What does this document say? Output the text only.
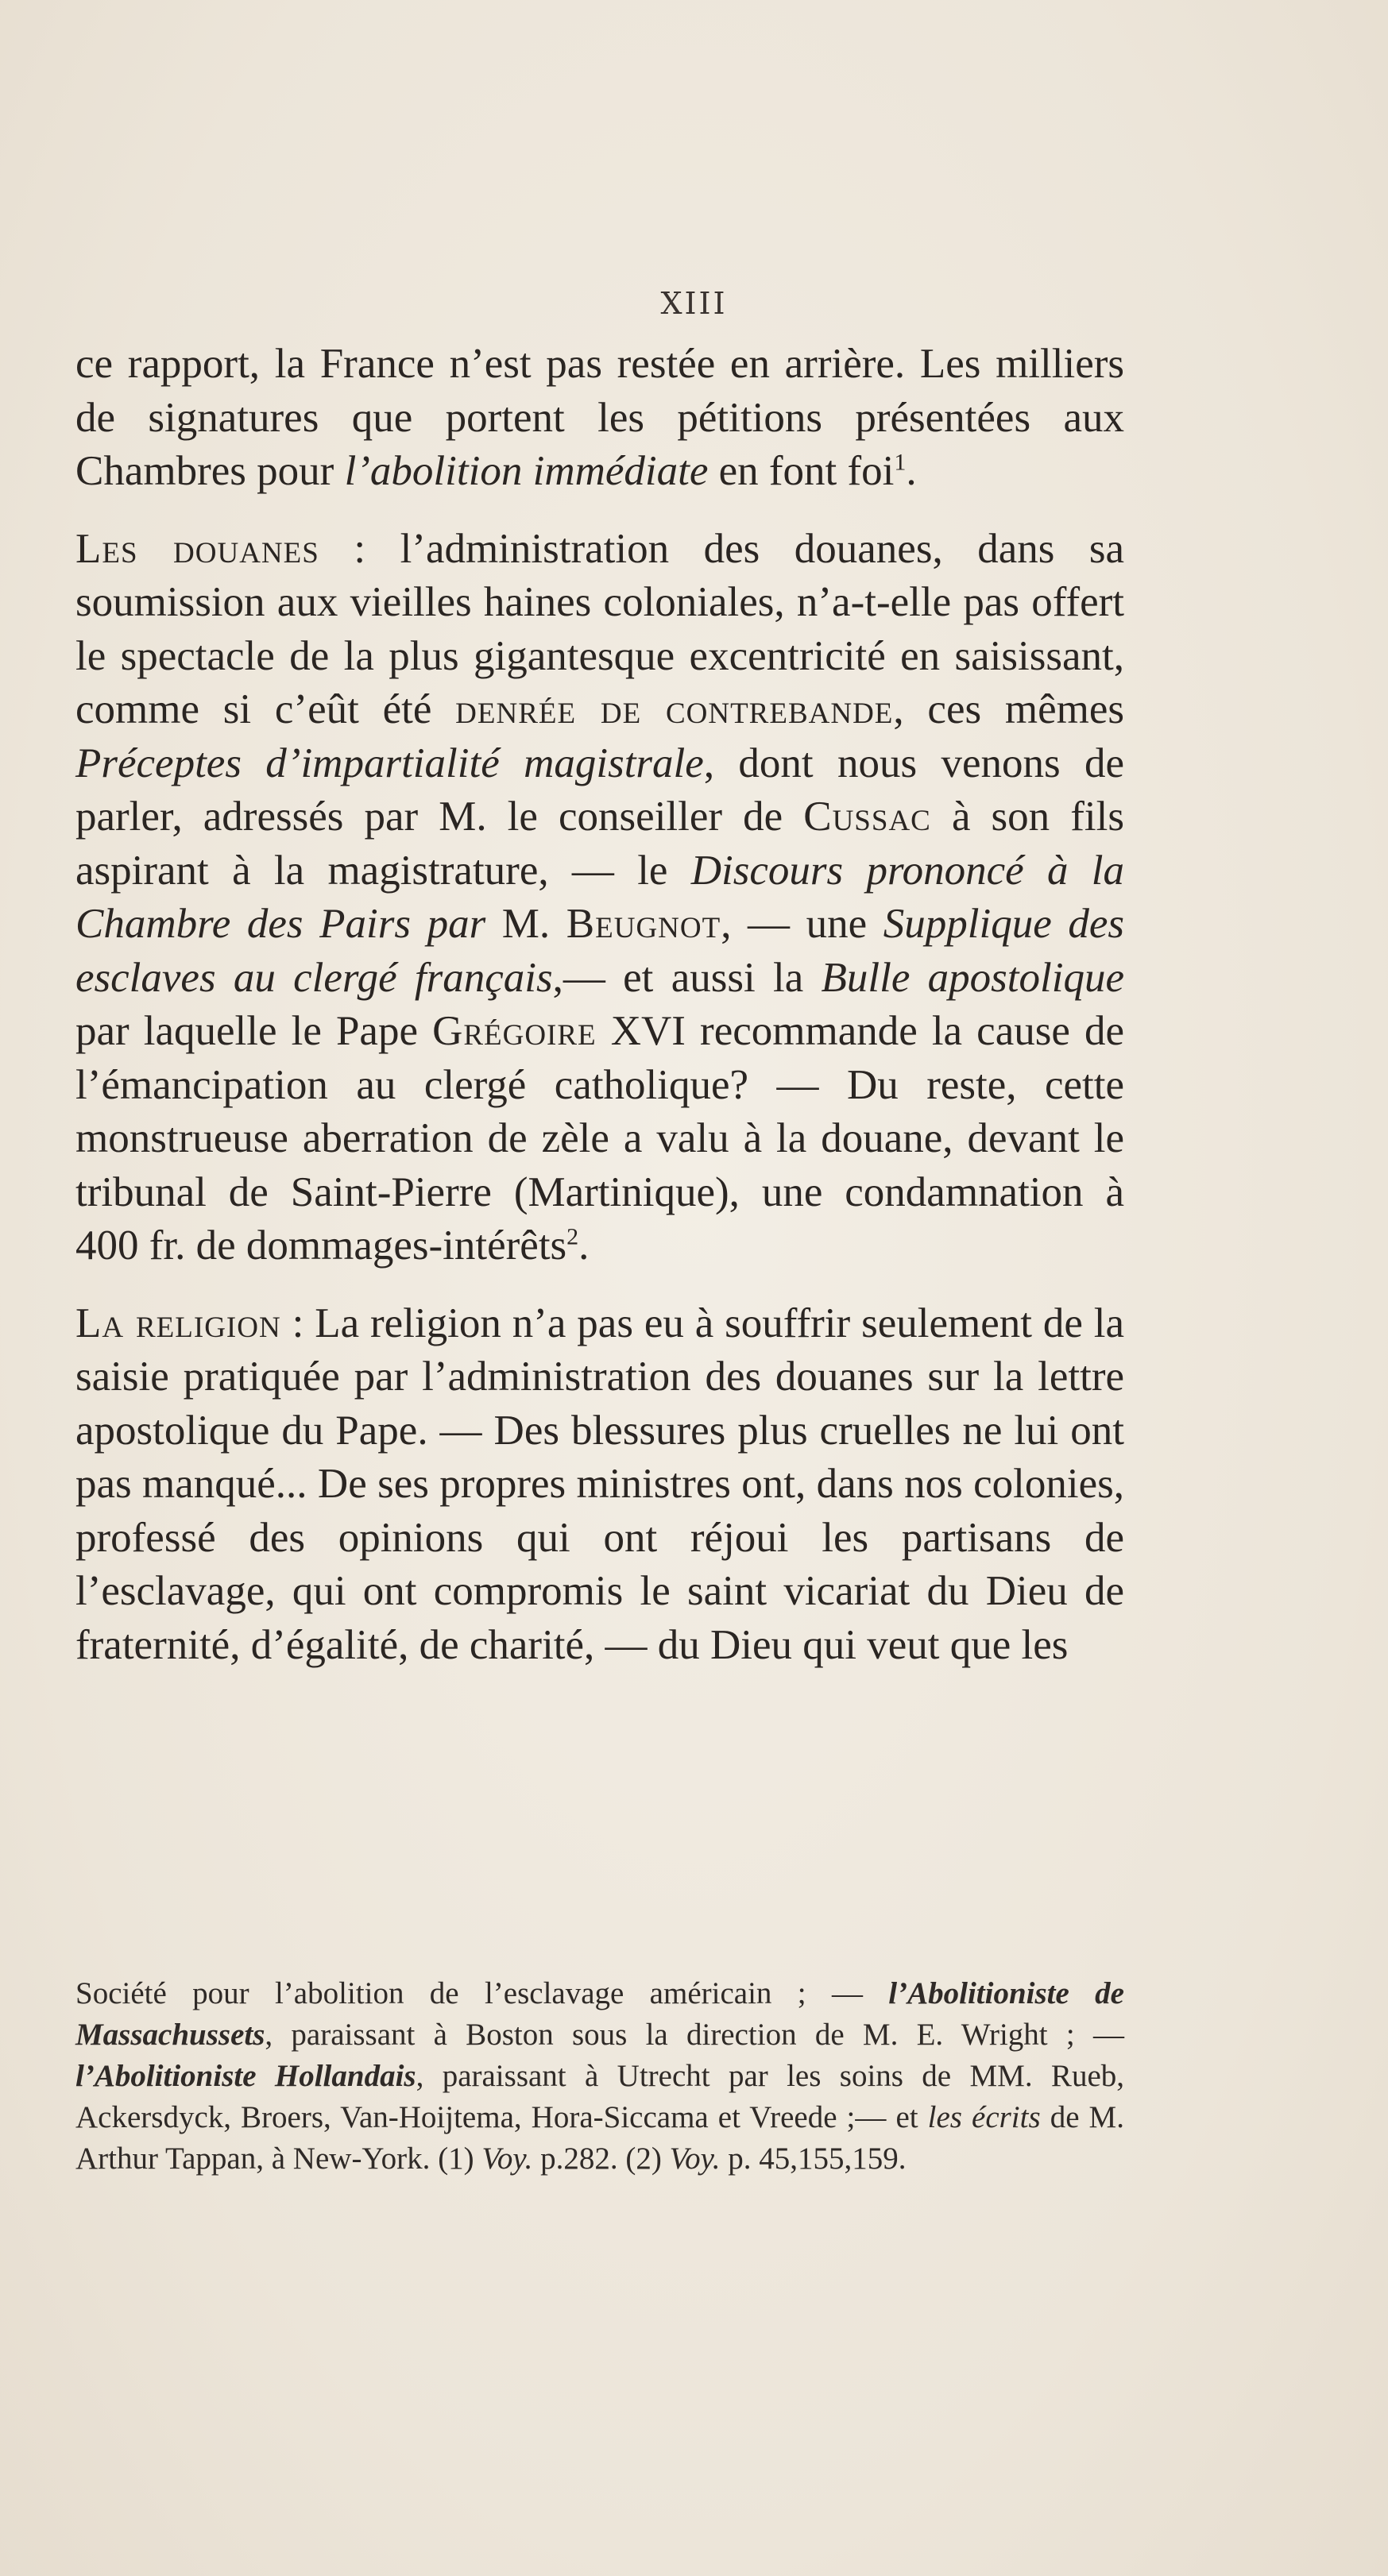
XIII

ce rapport, la France n’est pas restée en arrière. Les milliers de signatures que portent les pétitions présentées aux Chambres pour l’abolition immédiate en font foi$^1$.

Les douanes : l’administration des douanes, dans sa soumission aux vieilles haines coloniales, n’a-t-elle pas offert le spectacle de la plus gigantesque excentricité en saisissant, comme si c’eût été denrée de contrebande, ces mêmes Préceptes d’impartialité magistrale, dont nous venons de parler, adressés par M. le conseiller de Cussac à son fils aspirant à la magistrature, — le Discours prononcé à la Chambre des Pairs par M. Beugnot, — une Supplique des esclaves au clergé français,— et aussi la Bulle apostolique par laquelle le Pape Grégoire XVI recommande la cause de l’émancipation au clergé catholique? — Du reste, cette monstrueuse aberration de zèle a valu à la douane, devant le tribunal de Saint-Pierre (Martinique), une condamnation à 400 fr. de dommages-intérêts$^2$.

La religion : La religion n’a pas eu à souffrir seulement de la saisie pratiquée par l’administration des douanes sur la lettre apostolique du Pape. — Des blessures plus cruelles ne lui ont pas manqué... De ses propres ministres ont, dans nos colonies, professé des opinions qui ont réjoui les partisans de l’esclavage, qui ont compromis le saint vicariat du Dieu de fraternité, d’égalité, de charité, — du Dieu qui veut que les

Société pour l’abolition de l’esclavage américain ; — l’Abolitioniste de Massachussets, paraissant à Boston sous la direction de M. E. Wright ; — l’Abolitioniste Hollandais, paraissant à Utrecht par les soins de MM. Rueb, Ackersdyck, Broers, Van-Hoijtema, Hora-Siccama et Vreede ;— et les écrits de M. Arthur Tappan, à New-York. (1) Voy. p.282. (2) Voy. p. 45,155,159.
